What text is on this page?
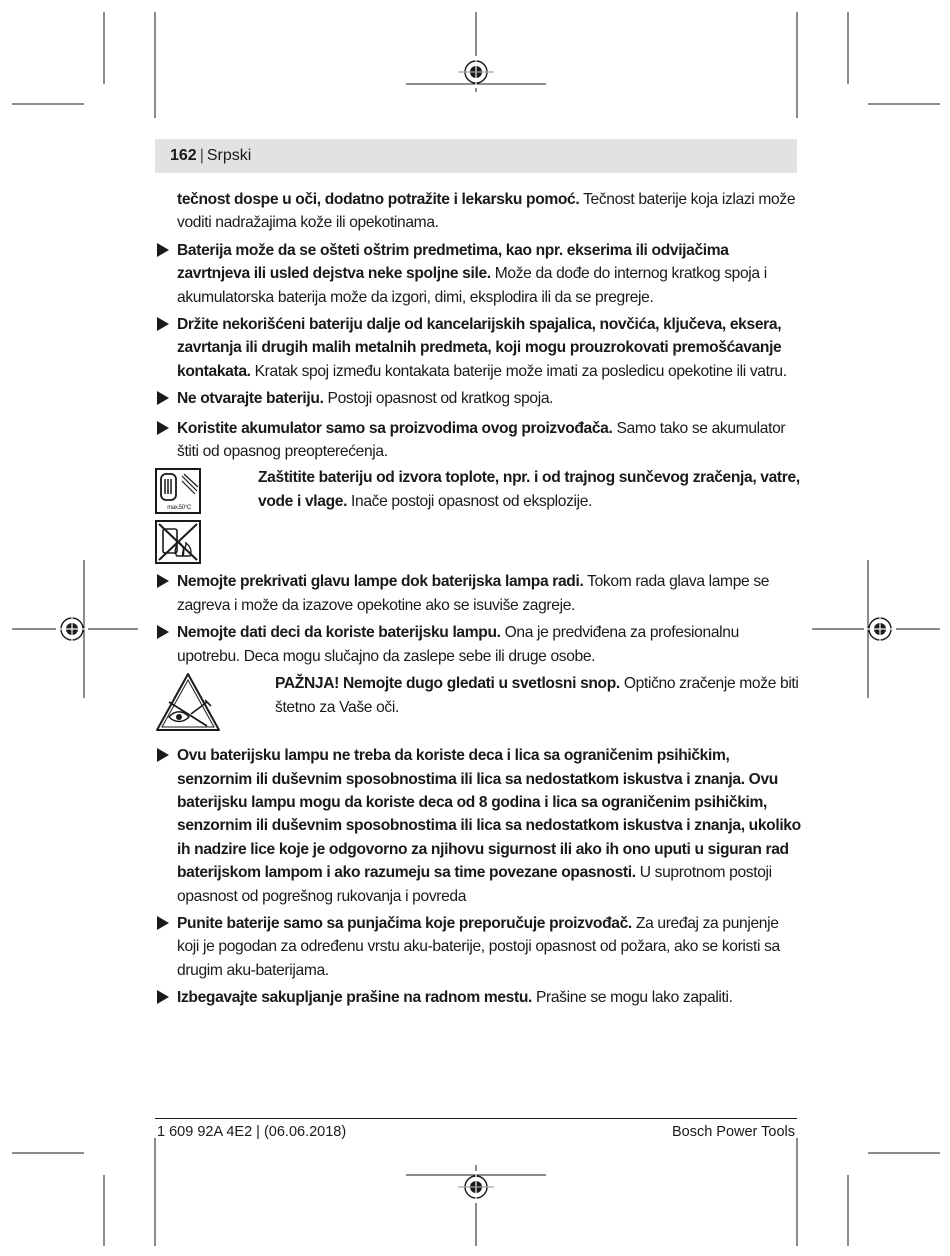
162 | Srpski
tečnost dospe u oči, dodatno potražite i lekarsku pomoć. Tečnost baterije koja izlazi može voditi nadražajima kože ili opekotinama.
Baterija može da se ošteti oštrim predmetima, kao npr. ekserima ili odvijačima zavrtnjeva ili usled dejstva neke spoljne sile. Može da dođe do internog kratkog spoja i akumulatorska baterija može da izgori, dimi, eksplodira ili da se pregreje.
Držite nekorišćeni bateriju dalje od kancelarijskih spajalica, novčića, ključeva, eksera, zavrtanja ili drugih malih metalnih predmeta, koji mogu prouzrokovati premošćavanje kontakata. Kratak spoj između kontakata baterije može imati za posledicu opekotine ili vatru.
Ne otvarajte bateriju. Postoji opasnost od kratkog spoja.
Koristite akumulator samo sa proizvodima ovog proizvođača. Samo tako se akumulator štiti od opasnog preopterećenja.
max.50°C
Zaštitite bateriju od izvora toplote, npr. i od trajnog sunčevog zračenja, vatre, vode i vlage. Inače postoji opasnost od eksplozije.
Nemojte prekrivati glavu lampe dok baterijska lampa radi. Tokom rada glava lampe se zagreva i može da izazove opekotine ako se isuviše zagreje.
Nemojte dati deci da koriste baterijsku lampu. Ona je predviđena za profesionalnu upotrebu. Deca mogu slučajno da zaslepe sebe ili druge osobe.
PAŽNJA! Nemojte dugo gledati u svetlosni snop. Optično zračenje može biti štetno za Vaše oči.
Ovu baterijsku lampu ne treba da koriste deca i lica sa ograničenim psihičkim, senzornim ili duševnim sposobnostima ili lica sa nedostatkom iskustva i znanja. Ovu baterijsku lampu mogu da koriste deca od 8 godina i lica sa ograničenim psihičkim, senzornim ili duševnim sposobnostima ili lica sa nedostatkom iskustva i znanja, ukoliko ih nadzire lice koje je odgovorno za njihovu sigurnost ili ako ih ono uputi u siguran rad baterijskom lampom i ako razumeju sa time povezane opasnosti. U suprotnom postoji opasnost od pogrešnog rukovanja i povreda
Punite baterije samo sa punjačima koje preporučuje proizvođač. Za uređaj za punjenje koji je pogodan za određenu vrstu aku-baterije, postoji opasnost od požara, ako se koristi sa drugim aku-baterijama.
Izbegavajte sakupljanje prašine na radnom mestu. Prašine se mogu lako zapaliti.
1 609 92A 4E2 | (06.06.2018)	Bosch Power Tools
